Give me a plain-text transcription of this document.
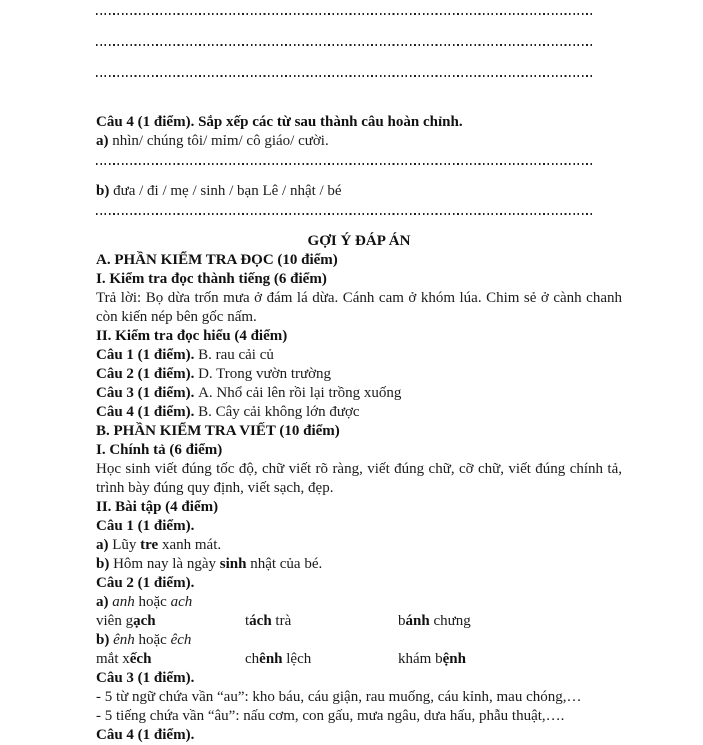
Câu 4 (1 điểm). Sắp xếp các từ sau thành câu hoàn chỉnh.
a) nhìn/ chúng tôi/ mỉm/ cô giáo/ cười.
b) đưa / đi / mẹ / sinh / bạn Lê / nhật / bé
GỢI Ý ĐÁP ÁN
A. PHẦN KIỂM TRA ĐỌC (10 điểm)
I. Kiểm tra đọc thành tiếng (6 điểm)
Trả lời: Bọ dừa trốn mưa ở đám lá dừa. Cánh cam ở khóm lúa. Chim sẻ ở cành chanh
còn kiến nép bên gốc nấm.
II. Kiểm tra đọc hiểu (4 điểm)
Câu 1 (1 điểm). B. rau cải củ
Câu 2 (1 điểm). D. Trong vườn trường
Câu 3 (1 điểm). A. Nhổ cải lên rồi lại trồng xuống
Câu 4 (1 điểm). B. Cây cải không lớn được
B. PHẦN KIỂM TRA VIẾT (10 điểm)
I. Chính tả (6 điểm)
Học sinh viết đúng tốc độ, chữ viết rõ ràng, viết đúng chữ, cỡ chữ, viết đúng chính tả,
trình bày đúng quy định, viết sạch, đẹp.
II. Bài tập (4 điểm)
Câu 1 (1 điểm).
a) Lũy tre xanh mát.
b) Hôm nay là ngày sinh nhật của bé.
Câu 2 (1 điểm).
a) anh hoặc ach
viên gạch	tách trà	bánh chưng
b) ênh hoặc êch
mắt xếch	chênh lệch	khám bệnh
Câu 3 (1 điểm).
- 5 từ ngữ chứa vần “au”: kho báu, cáu giận, rau muống, cáu kỉnh, mau chóng,…
- 5 tiếng chứa vần “âu”: nấu cơm, con gấu, mưa ngâu, dưa hấu, phẫu thuật,….
Câu 4 (1 điểm).
